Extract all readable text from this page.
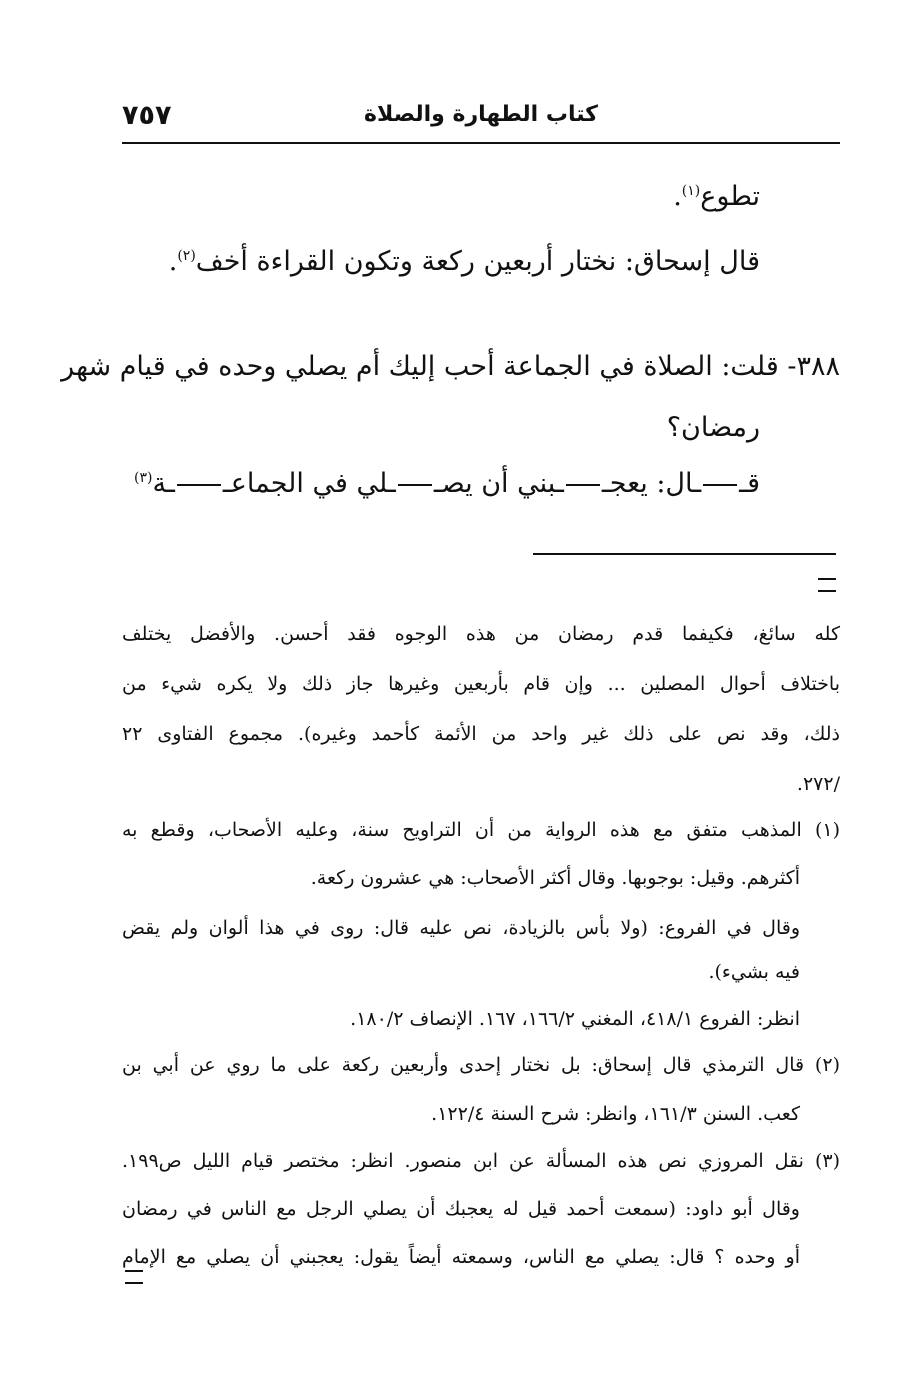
٧٥٧	كتاب الطهارة والصلاة

تطوع$^{(١)}$.

قال إسحاق: نختار أربعين ركعة وتكون القراءة أخف$^{(٢)}$.

٣٨٨- قلت: الصلاة في الجماعة أحب إليك أم يصلي وحده في قيام شهر

رمضان؟

قــال: يعجــبني أن يصــلي في الجماعــة$^{(٣)}$

كله سائغ، فكيفما قدم رمضان من هذه الوجوه فقد أحسن. والأفضل يختلف
باختلاف أحوال المصلين ... وإن قام بأربعين وغيرها جاز ذلك ولا يكره شيء من
ذلك، وقد نص على ذلك غير واحد من الأئمة كأحمد وغيره). مجموع الفتاوى ٢٢
/٢٧٢.
(١) المذهب متفق مع هذه الرواية من أن التراويح سنة، وعليه الأصحاب، وقطع به
أكثرهم. وقيل: بوجوبها. وقال أكثر الأصحاب: هي عشرون ركعة.
وقال في الفروع: (ولا بأس بالزيادة، نص عليه قال: روى في هذا ألوان ولم يقض
فيه بشيء).
انظر: الفروع ٤١٨/١، المغني ١٦٦/٢، ١٦٧. الإنصاف ١٨٠/٢.
(٢) قال الترمذي قال إسحاق: بل نختار إحدى وأربعين ركعة على ما روي عن أبي بن
كعب. السنن ١٦١/٣، وانظر: شرح السنة ١٢٢/٤.
(٣) نقل المروزي نص هذه المسألة عن ابن منصور. انظر: مختصر قيام الليل ص١٩٩.
وقال أبو داود: (سمعت أحمد قيل له يعجبك أن يصلي الرجل مع الناس في رمضان
أو وحده ؟ قال: يصلي مع الناس، وسمعته أيضاً يقول: يعجبني أن يصلي مع الإمام
